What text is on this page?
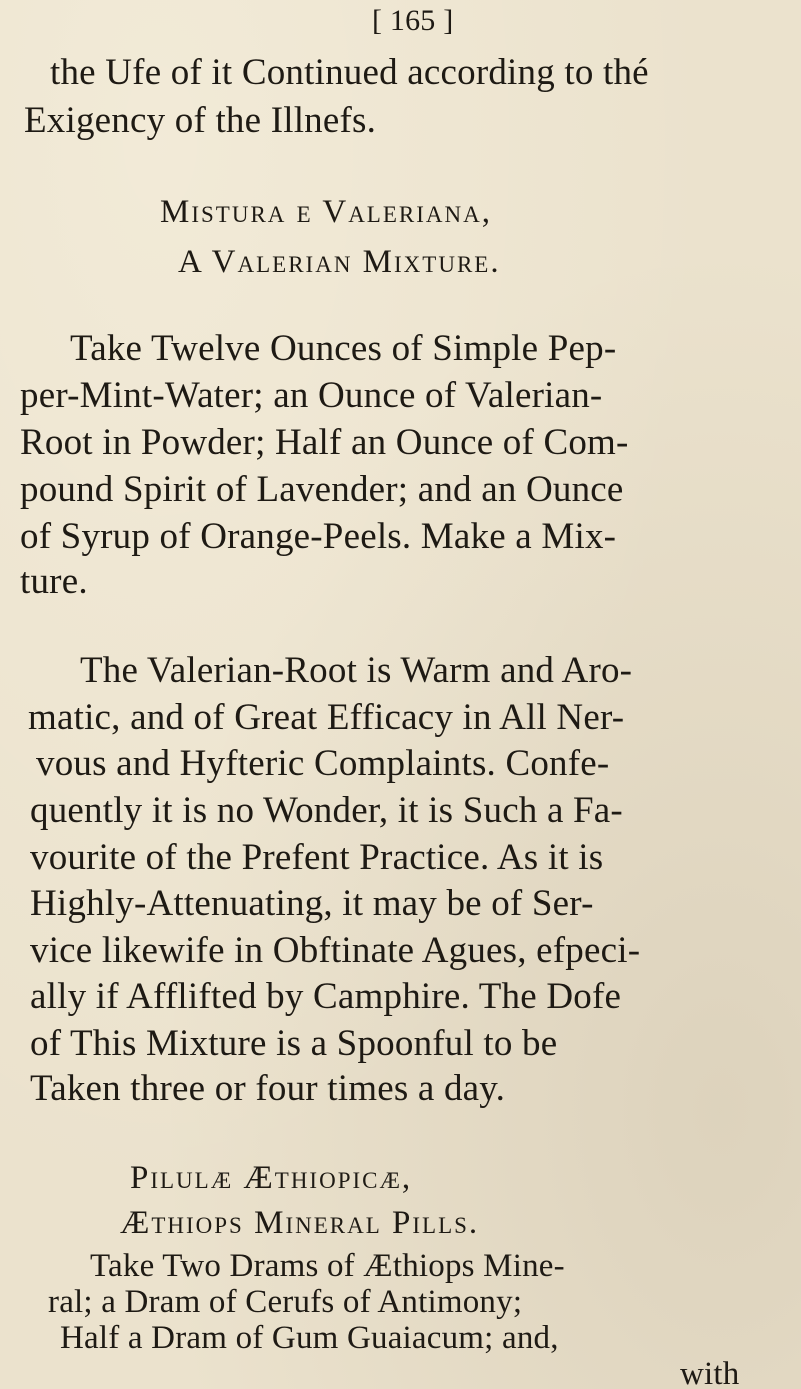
[ 165 ]
the Ufe of it Continued according to thé
Exigency of the Illnefs.
Mistura e Valeriana,
A Valerian Mixture.
Take Twelve Ounces of Simple Pep-
per-Mint-Water; an Ounce of Valerian-
Root in Powder; Half an Ounce of Com-
pound Spirit of Lavender; and an Ounce
of Syrup of Orange-Peels. Make a Mix-
ture.
The Valerian-Root is Warm and Aro-
matic, and of Great Efficacy in All Ner-
vous and Hyfteric Complaints. Confe-
quently it is no Wonder, it is Such a Fa-
vourite of the Prefent Practice. As it is
Highly-Attenuating, it may be of Ser-
vice likewife in Obftinate Agues, efpeci-
ally if Afflifted by Camphire. The Dofe
of This Mixture is a Spoonful to be
Taken three or four times a day.
Pilulæ Æthiopicæ,
Æthiops Mineral Pills.
Take Two Drams of Æthiops Mine-
ral; a Dram of Cerufs of Antimony;
Half a Dram of Gum Guaiacum; and,
with
